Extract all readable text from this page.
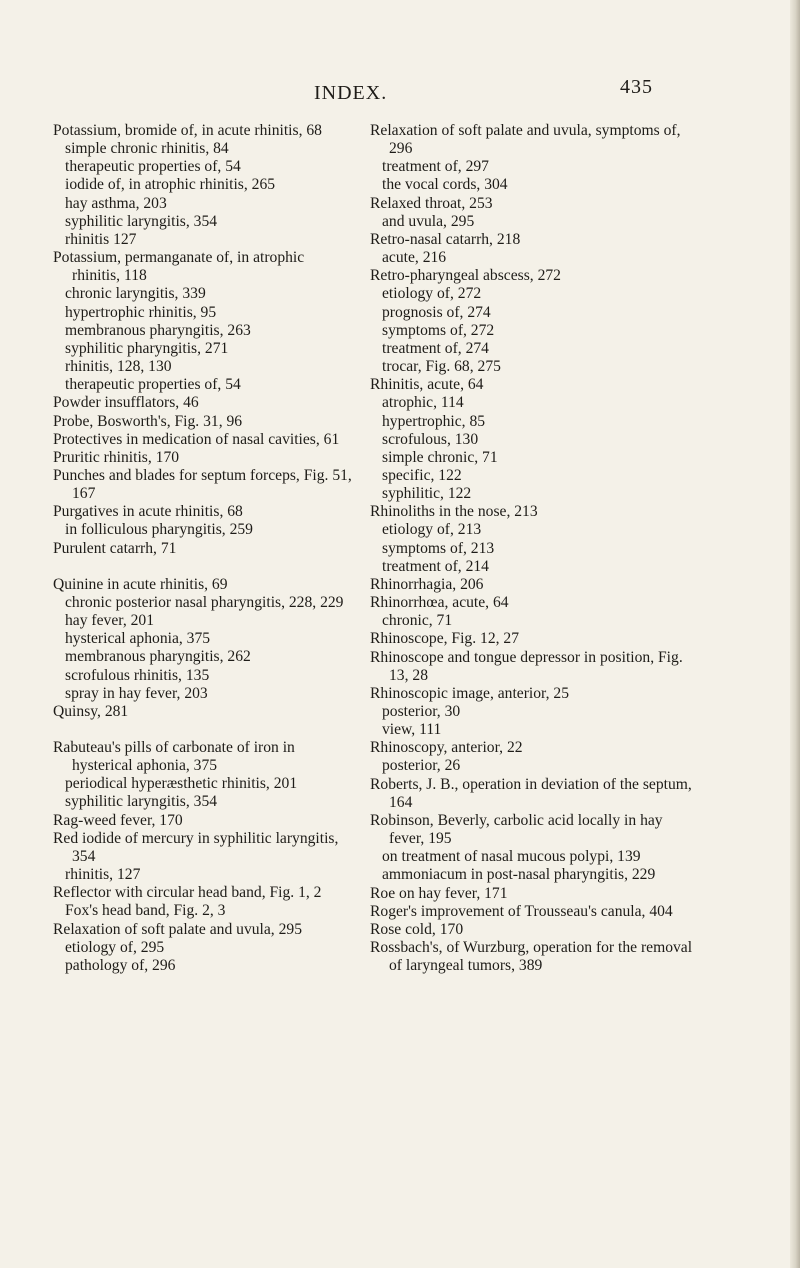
INDEX.	435
Potassium, bromide of, in acute rhinitis, 68
simple chronic rhinitis, 84
therapeutic properties of, 54
iodide of, in atrophic rhinitis, 265
hay asthma, 203
syphilitic laryngitis, 354
rhinitis 127
Potassium, permanganate of, in atrophic rhinitis, 118
chronic laryngitis, 339
hypertrophic rhinitis, 95
membranous pharyngitis, 263
syphilitic pharyngitis, 271
rhinitis, 128, 130
therapeutic properties of, 54
Powder insufflators, 46
Probe, Bosworth's, Fig. 31, 96
Protectives in medication of nasal cavities, 61
Pruritic rhinitis, 170
Punches and blades for septum forceps, Fig. 51, 167
Purgatives in acute rhinitis, 68
in folliculous pharyngitis, 259
Purulent catarrh, 71
Quinine in acute rhinitis, 69
chronic posterior nasal pharyngitis, 228, 229
hay fever, 201
hysterical aphonia, 375
membranous pharyngitis, 262
scrofulous rhinitis, 135
spray in hay fever, 203
Quinsy, 281
Rabuteau's pills of carbonate of iron in hysterical aphonia, 375
periodical hyperæsthetic rhinitis, 201
syphilitic laryngitis, 354
Rag-weed fever, 170
Red iodide of mercury in syphilitic laryngitis, 354
rhinitis, 127
Reflector with circular head band, Fig. 1, 2
Fox's head band, Fig. 2, 3
Relaxation of soft palate and uvula, 295
etiology of, 295
pathology of, 296
Relaxation of soft palate and uvula, symptoms of, 296
treatment of, 297
the vocal cords, 304
Relaxed throat, 253
and uvula, 295
Retro-nasal catarrh, 218
acute, 216
Retro-pharyngeal abscess, 272
etiology of, 272
prognosis of, 274
symptoms of, 272
treatment of, 274
trocar, Fig. 68, 275
Rhinitis, acute, 64
atrophic, 114
hypertrophic, 85
scrofulous, 130
simple chronic, 71
specific, 122
syphilitic, 122
Rhinoliths in the nose, 213
etiology of, 213
symptoms of, 213
treatment of, 214
Rhinorrhagia, 206
Rhinorrhœa, acute, 64
chronic, 71
Rhinoscope, Fig. 12, 27
Rhinoscope and tongue depressor in position, Fig. 13, 28
Rhinoscopic image, anterior, 25
posterior, 30
view, 111
Rhinoscopy, anterior, 22
posterior, 26
Roberts, J. B., operation in deviation of the septum, 164
Robinson, Beverly, carbolic acid locally in hay fever, 195
on treatment of nasal mucous polypi, 139
ammoniacum in post-nasal pharyngitis, 229
Roe on hay fever, 171
Roger's improvement of Trousseau's canula, 404
Rose cold, 170
Rossbach's, of Wurzburg, operation for the removal of laryngeal tumors, 389
